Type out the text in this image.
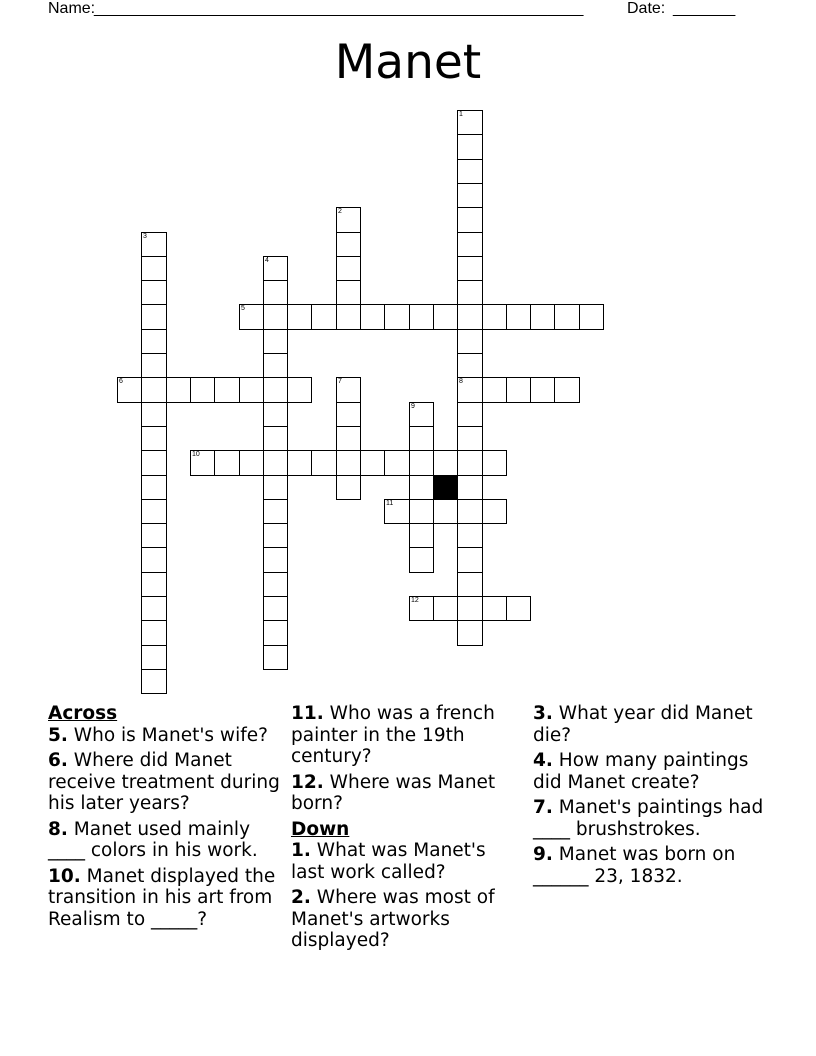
Name:
_______________________________________________________	Date: _______
Manet
1
8
2
3
4
5
6	7
9
10
11
12
Across
5. Who is Manet's wife?
6. Where did Manet receive treatment during his later years?
8. Manet used mainly ____ colors in his work.
10. Manet displayed the transition in his art from Realism to _____?
11. Who was a french painter in the 19th century?
12. Where was Manet born?
Down
1. What was Manet's last work called?
2. Where was most of Manet's artworks displayed?
3. What year did Manet die?
4. How many paintings did Manet create?
7. Manet's paintings had ____ brushstrokes.
9. Manet was born on ______ 23, 1832.
